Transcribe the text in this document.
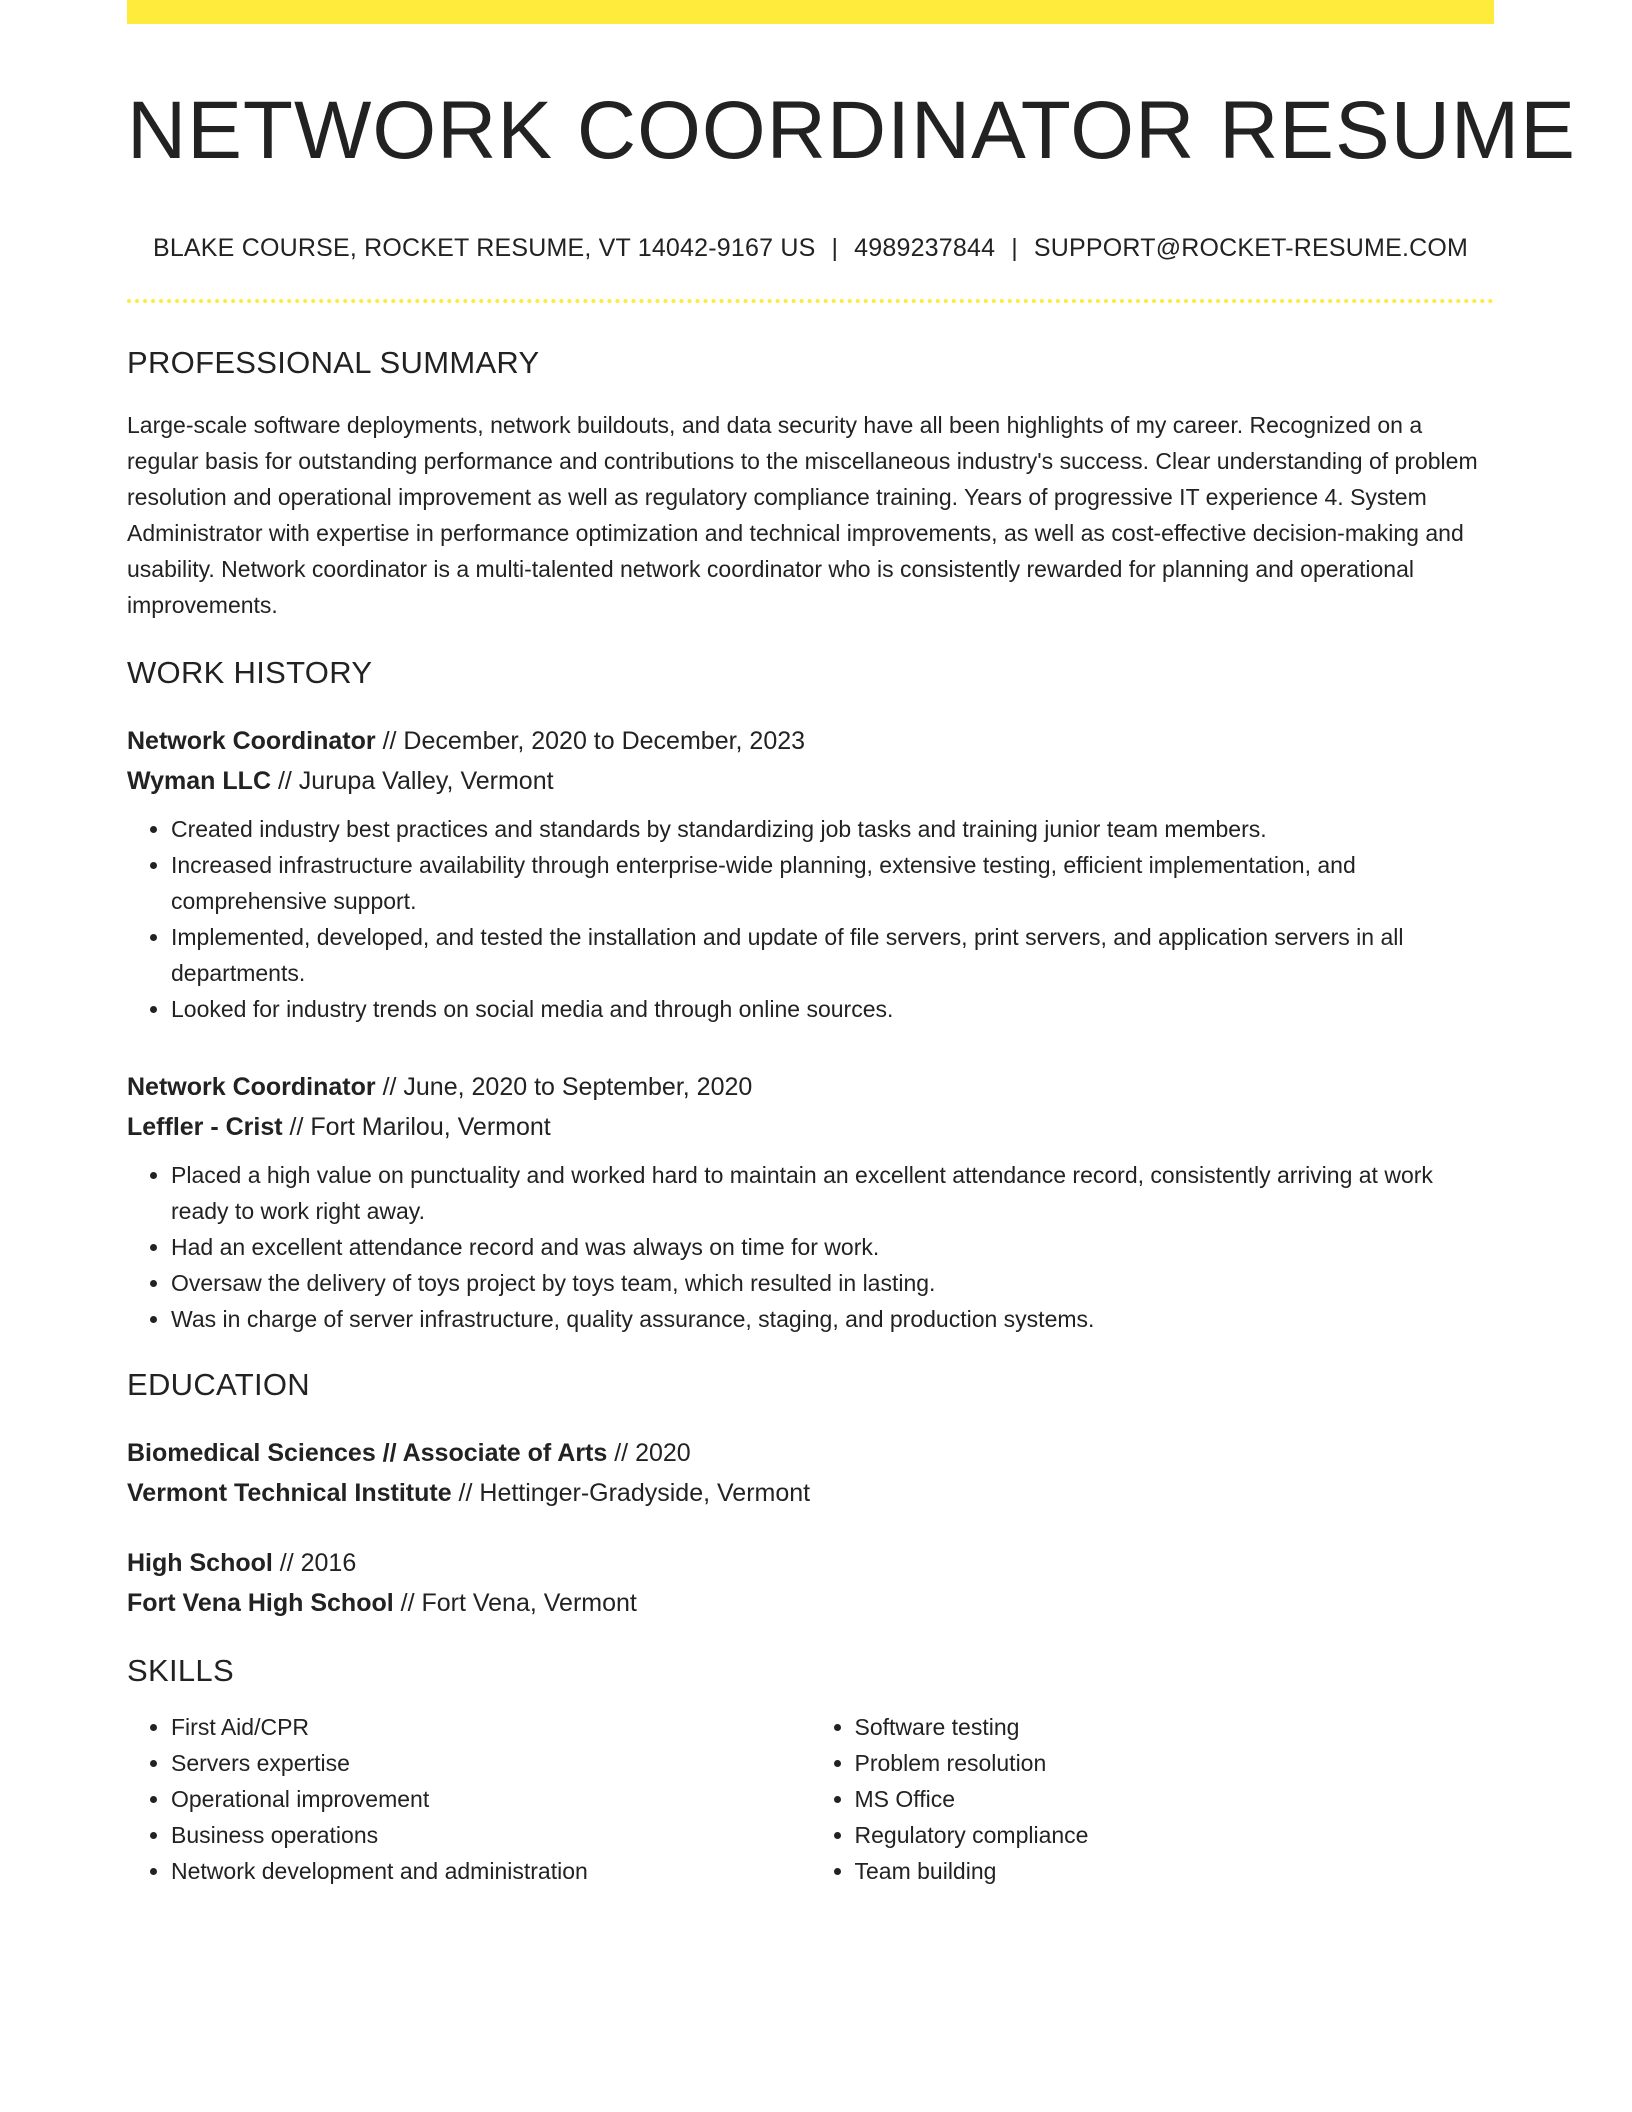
NETWORK COORDINATOR RESUME
BLAKE COURSE, ROCKET RESUME, VT 14042-9167 US | 4989237844 | SUPPORT@ROCKET-RESUME.COM
PROFESSIONAL SUMMARY
Large-scale software deployments, network buildouts, and data security have all been highlights of my career. Recognized on a regular basis for outstanding performance and contributions to the miscellaneous industry's success. Clear understanding of problem resolution and operational improvement as well as regulatory compliance training. Years of progressive IT experience 4. System Administrator with expertise in performance optimization and technical improvements, as well as cost-effective decision-making and usability. Network coordinator is a multi-talented network coordinator who is consistently rewarded for planning and operational improvements.
WORK HISTORY
Network Coordinator // December, 2020 to December, 2023
Wyman LLC // Jurupa Valley, Vermont
• Created industry best practices and standards by standardizing job tasks and training junior team members.
• Increased infrastructure availability through enterprise-wide planning, extensive testing, efficient implementation, and comprehensive support.
• Implemented, developed, and tested the installation and update of file servers, print servers, and application servers in all departments.
• Looked for industry trends on social media and through online sources.
Network Coordinator // June, 2020 to September, 2020
Leffler - Crist // Fort Marilou, Vermont
• Placed a high value on punctuality and worked hard to maintain an excellent attendance record, consistently arriving at work ready to work right away.
• Had an excellent attendance record and was always on time for work.
• Oversaw the delivery of toys project by toys team, which resulted in lasting.
• Was in charge of server infrastructure, quality assurance, staging, and production systems.
EDUCATION
Biomedical Sciences // Associate of Arts // 2020
Vermont Technical Institute // Hettinger-Gradyside, Vermont
High School // 2016
Fort Vena High School // Fort Vena, Vermont
SKILLS
• First Aid/CPR
• Servers expertise
• Operational improvement
• Business operations
• Network development and administration
• Software testing
• Problem resolution
• MS Office
• Regulatory compliance
• Team building
